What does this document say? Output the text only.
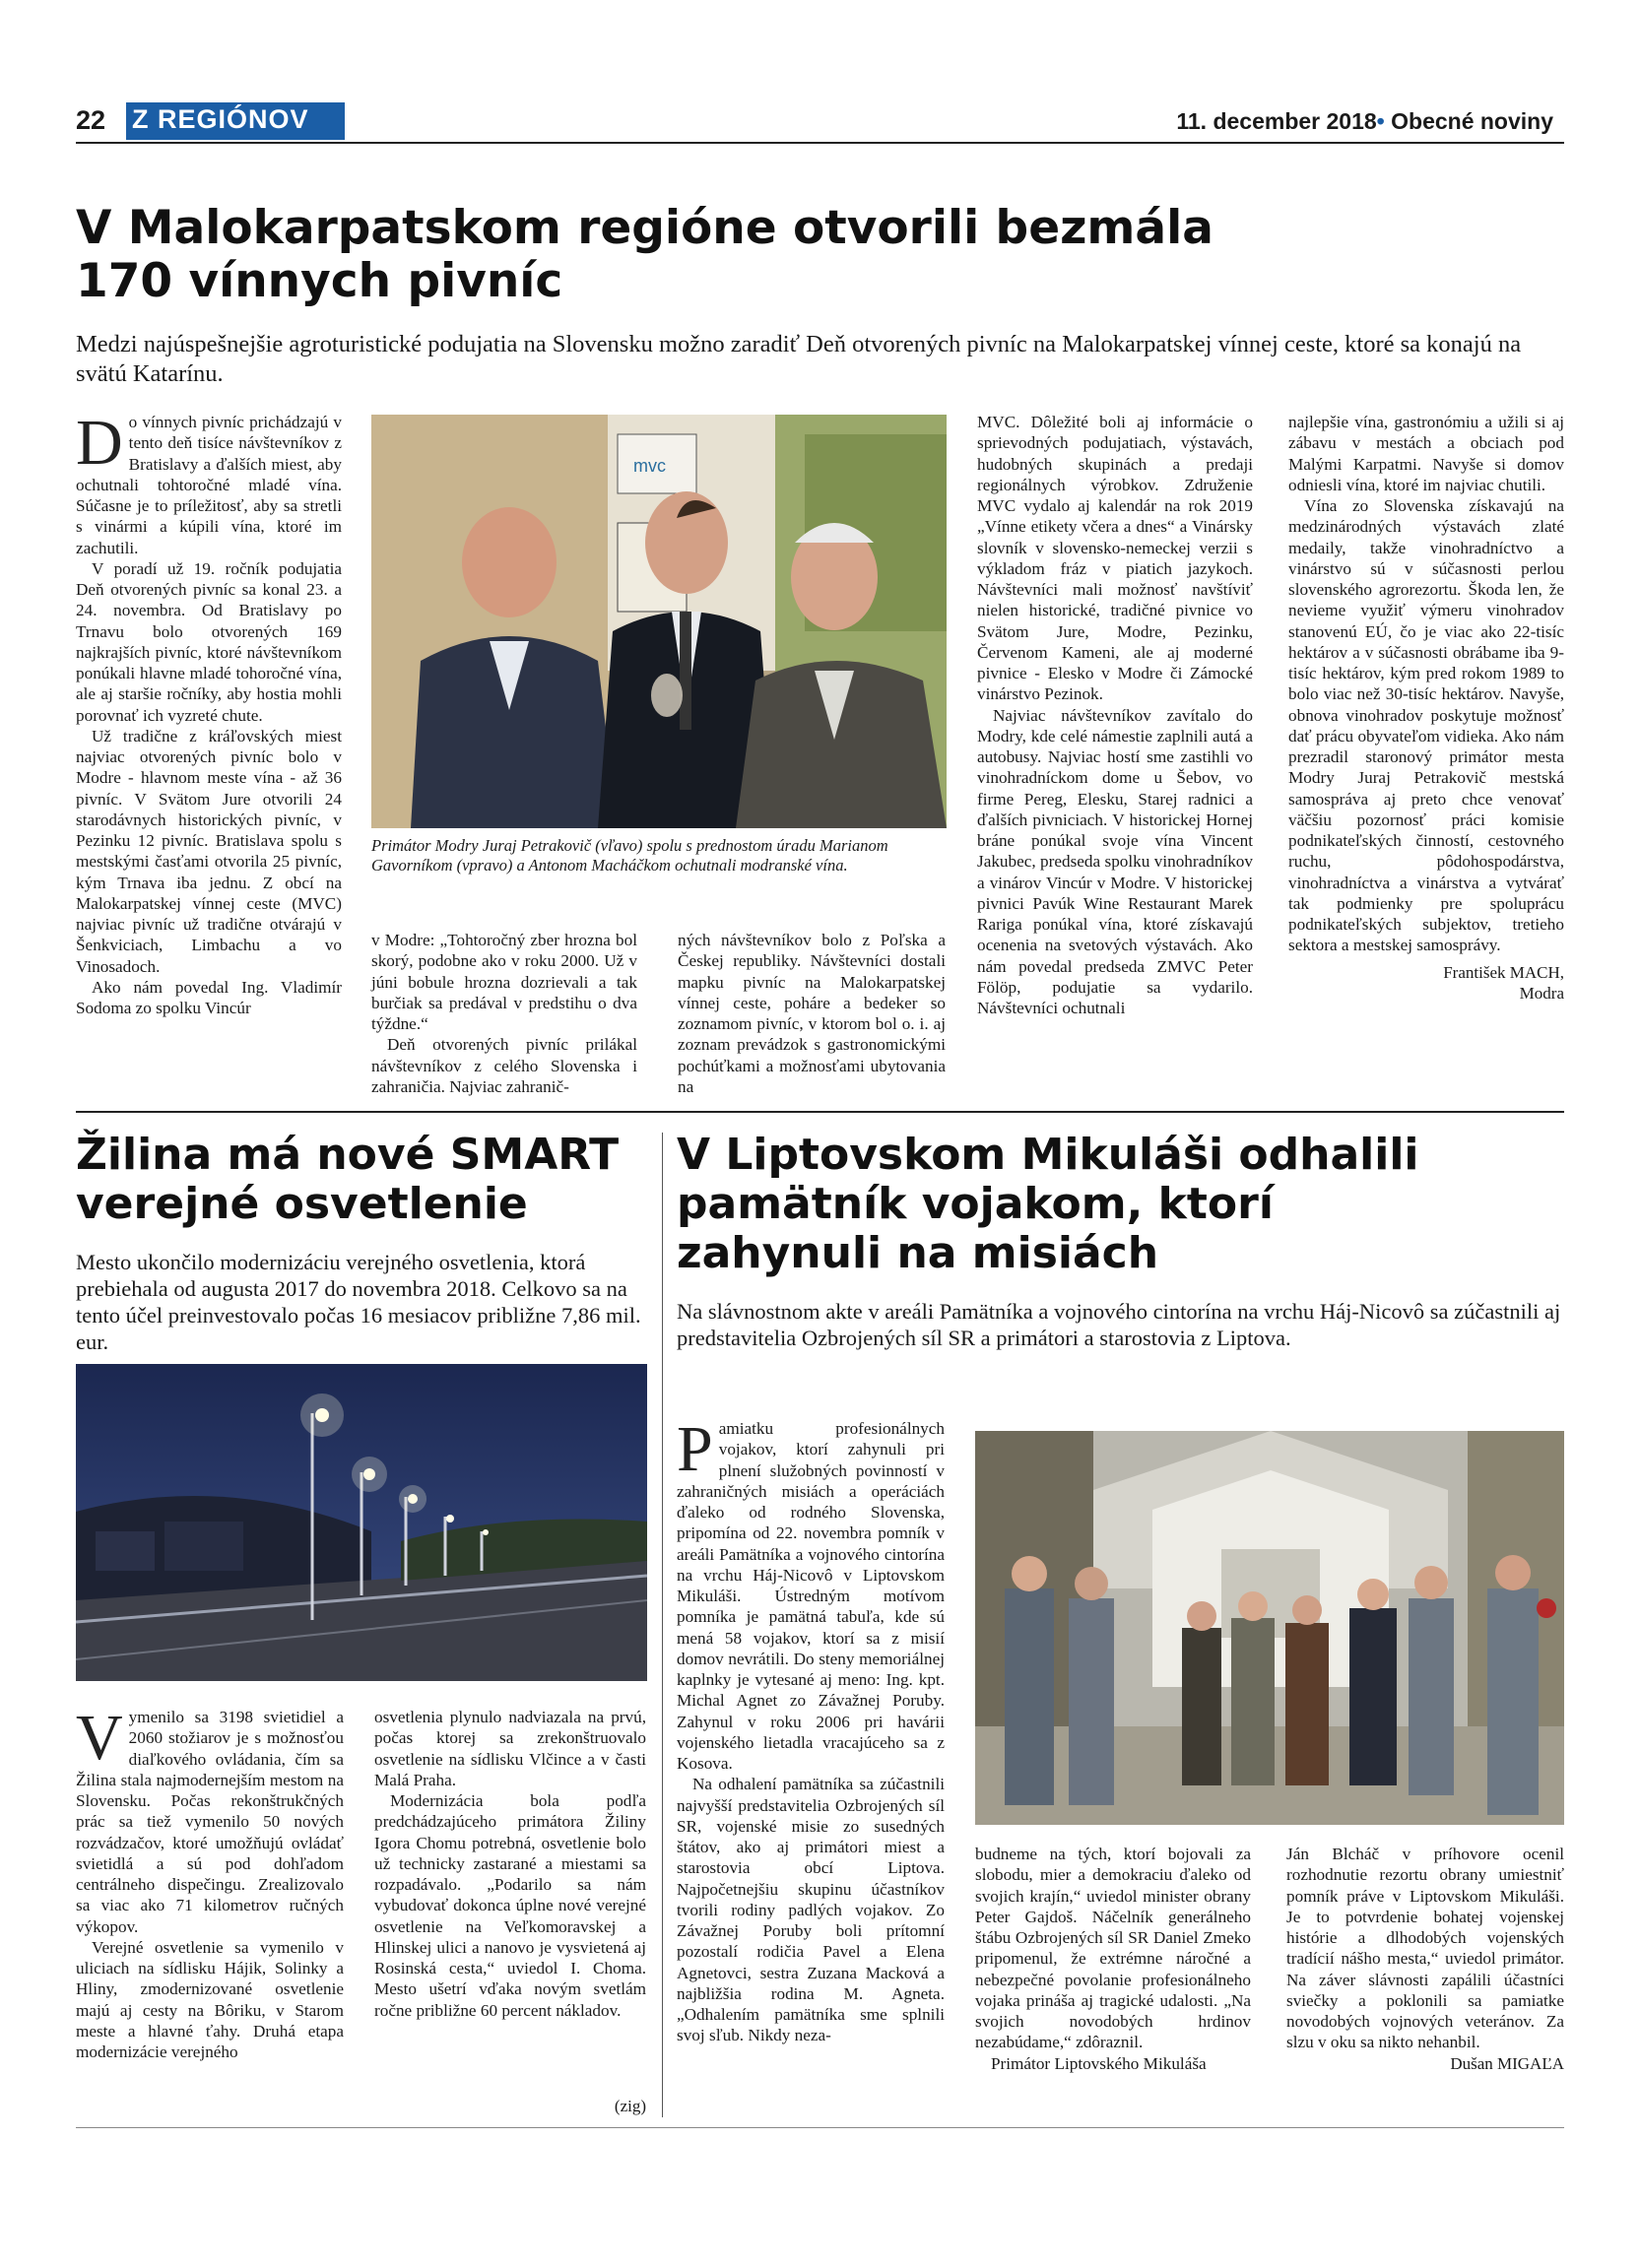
22 Z REGIÓNOV	11. december 2018• Obecné noviny
V Malokarpatskom regióne otvorili bezmála
170 vínnych pivníc
Medzi najúspešnejšie agroturistické podujatia na Slovensku možno zaradiť Deň otvorených pivníc na Malokarpatskej vínnej ceste, ktoré sa konajú na svätú Katarínu.

Do vínnych pivníc prichádzajú v tento deň tisíce návštevníkov z Bratislavy a ďalších miest, aby ochutnali tohtoročné mladé vína. Súčasne je to príležitosť, aby sa stretli s vinármi a kúpili vína, ktoré im zachutili.

V poradí už 19. ročník podujatia Deň otvorených pivníc sa konal 23. a 24. novembra. Od Bratislavy po Trnavu bolo otvorených 169 najkrajších pivníc, ktoré návštevníkom ponúkali hlavne mladé tohoročné vína, ale aj staršie ročníky, aby hostia mohli porovnať ich vyzreté chute.

Už tradične z kráľovských miest najviac otvorených pivníc bolo v Modre - hlavnom meste vína - až 36 pivníc. V Svätom Jure otvorili 24 starodávnych historických pivníc, v Pezinku 12 pivníc. Bratislava spolu s mestskými časťami otvorila 25 pivníc, kým Trnava iba jednu. Z obcí na Malokarpatskej vínnej ceste (MVC) najviac pivníc už tradične otvárajú v Šenkviciach, Limbachu a vo Vinosadoch.

Ako nám povedal Ing. Vladimír Sodoma zo spolku Vincúr

mvc
Primátor Modry Juraj Petrakovič (vľavo) spolu s prednostom úradu Marianom Gavorníkom (vpravo) a Antonom Macháčkom ochutnali modranské vína.

v Modre: „Tohtoročný zber hrozna bol skorý, podobne ako v roku 2000. Už v júni bobule hrozna dozrievali a tak burčiak sa predával v predstihu o dva týždne.“

Deň otvorených pivníc prilákal návštevníkov z celého Slovenska i zahraničia. Najviac zahranič-

ných návštevníkov bolo z Poľska a Českej republiky. Návštevníci dostali mapku pivníc na Malokarpatskej vínnej ceste, poháre a bedeker so zoznamom pivníc, v ktorom bol o. i. aj zoznam prevádzok s gastronomickými pochúťkami a možnosťami ubytovania na

MVC. Dôležité boli aj informácie o sprievodných podujatiach, výstavách, hudobných skupinách a predaji regionálnych výrobkov. Združenie MVC vydalo aj kalendár na rok 2019 „Vínne etikety včera a dnes“ a Vinársky slovník v slovensko-nemeckej verzii s výkladom fráz v piatich jazykoch. Návštevníci mali možnosť navštíviť nielen historické, tradičné pivnice vo Svätom Jure, Modre, Pezinku, Červenom Kameni, ale aj moderné pivnice - Elesko v Modre či Zámocké vinárstvo Pezinok.

Najviac návštevníkov zavítalo do Modry, kde celé námestie zaplnili autá a autobusy. Najviac hostí sme zastihli vo vinohradníckom dome u Šebov, vo firme Pereg, Elesku, Starej radnici a ďalších pivniciach. V historickej Hornej bráne ponúkal svoje vína Vincent Jakubec, predseda spolku vinohradníkov a vinárov Vincúr v Modre. V historickej pivnici Pavúk Wine Restaurant Marek Rariga ponúkal vína, ktoré získavajú ocenenia na svetových výstavách. Ako nám povedal predseda ZMVC Peter Fölöp, podujatie sa vydarilo. Návštevníci ochutnali

najlepšie vína, gastronómiu a užili si aj zábavu v mestách a obciach pod Malými Karpatmi. Navyše si domov odniesli vína, ktoré im najviac chutili.

Vína zo Slovenska získavajú na medzinárodných výstavách zlaté medaily, takže vinohradníctvo a vinárstvo sú v súčasnosti perlou slovenského agrorezortu. Škoda len, že nevieme využiť výmeru vinohradov stanovenú EÚ, čo je viac ako 22-tisíc hektárov a v súčasnosti obrábame iba 9-tisíc hektárov, kým pred rokom 1989 to bolo viac než 30-tisíc hektárov. Navyše, obnova vinohradov poskytuje možnosť dať prácu obyvateľom vidieka. Ako nám prezradil staronový primátor mesta Modry Juraj Petrakovič mestská samospráva aj preto chce venovať väčšiu pozornosť práci komisie podnikateľských činností, cestovného ruchu, pôdohospodárstva, vinohradníctva a vinárstva a vytvárať tak podmienky pre spoluprácu podnikateľských subjektov, tretieho sektora a mestskej samosprávy.

František MACH,
Modra
Žilina má nové SMART
verejné osvetlenie
Mesto ukončilo modernizáciu verejného osvetlenia, ktorá prebiehala od augusta 2017 do novembra 2018. Celkovo sa na tento účel preinvestovalo počas 16 mesiacov približne 7,86 mil. eur.

Vymenilo sa 3198 svietidiel a 2060 stožiarov je s možnosťou diaľkového ovládania, čím sa Žilina stala najmodernejším mestom na Slovensku. Počas rekonštrukčných prác sa tiež vymenilo 50 nových rozvádzačov, ktoré umožňujú ovládať svietidlá a sú pod dohľadom centrálneho dispečingu. Zrealizovalo sa viac ako 71 kilometrov ručných výkopov.

Verejné osvetlenie sa vymenilo v uliciach na sídlisku Hájik, Solinky a Hliny, zmodernizované osvetlenie majú aj cesty na Bôriku, v Starom meste a hlavné ťahy. Druhá etapa modernizácie verejného

osvetlenia plynulo nadviazala na prvú, počas ktorej sa zrekonštruovalo osvetlenie na sídlisku Vlčince a v časti Malá Praha.

Modernizácia bola podľa predchádzajúceho primátora Žiliny Igora Chomu potrebná, osvetlenie bolo už technicky zastarané a miestami sa rozpadávalo. „Podarilo sa nám vybudovať dokonca úplne nové verejné osvetlenie na Veľkomoravskej a Hlinskej ulici a nanovo je vysvietená aj Rosinská cesta,“ uviedol I. Choma. Mesto ušetrí vďaka novým svetlám ročne približne 60 percent nákladov.

(zig)
V Liptovskom Mikuláši odhalili
pamätník vojakom, ktorí
zahynuli na misiách
Na slávnostnom akte v areáli Pamätníka a vojnového cintorína na vrchu Háj-Nicovô sa zúčastnili aj predstavitelia Ozbrojených síl SR a primátori a starostovia z Liptova.

Pamiatku profesionálnych vojakov, ktorí zahynuli pri plnení služobných povinností v zahraničných misiách a operáciách ďaleko od rodného Slovenska, pripomína od 22. novembra pomník v areáli Pamätníka a vojnového cintorína na vrchu Háj-Nicovô v Liptovskom Mikuláši. Ústredným motívom pomníka je pamätná tabuľa, kde sú mená 58 vojakov, ktorí sa z misií domov nevrátili. Do steny memoriálnej kaplnky je vytesané aj meno: Ing. kpt. Michal Agnet zo Závažnej Poruby. Zahynul v roku 2006 pri havárii vojenského lietadla vracajúceho sa z Kosova.

Na odhalení pamätníka sa zúčastnili najvyšší predstavitelia Ozbrojených síl SR, vojenské misie zo susedných štátov, ako aj primátori miest a starostovia obcí Liptova. Najpočetnejšiu skupinu účastníkov tvorili rodiny padlých vojakov. Zo Závažnej Poruby boli prítomní pozostalí rodičia Pavel a Elena Agnetovci, sestra Zuzana Macková a najbližšia rodina M. Agneta. „Odhalením pamätníka sme splnili svoj sľub. Nikdy neza-

budneme na tých, ktorí bojovali za slobodu, mier a demokraciu ďaleko od svojich krajín,“ uviedol minister obrany Peter Gajdoš. Náčelník generálneho štábu Ozbrojených síl SR Daniel Zmeko pripomenul, že extrémne náročné a nebezpečné povolanie profesionálneho vojaka prináša aj tragické udalosti. „Na svojich novodobých hrdinov nezabúdame,“ zdôraznil.

Primátor Liptovského Mikuláša

Ján Blcháč v príhovore ocenil rozhodnutie rezortu obrany umiestniť pomník práve v Liptovskom Mikuláši. Je to potvrdenie bohatej vojenskej histórie a dlhodobých vojenských tradícií nášho mesta,“ uviedol primátor. Na záver slávnosti zapálili účastníci sviečky a poklonili sa pamiatke novodobých vojnových veteránov. Za slzu v oku sa nikto nehanbil.

Dušan MIGAĽA
